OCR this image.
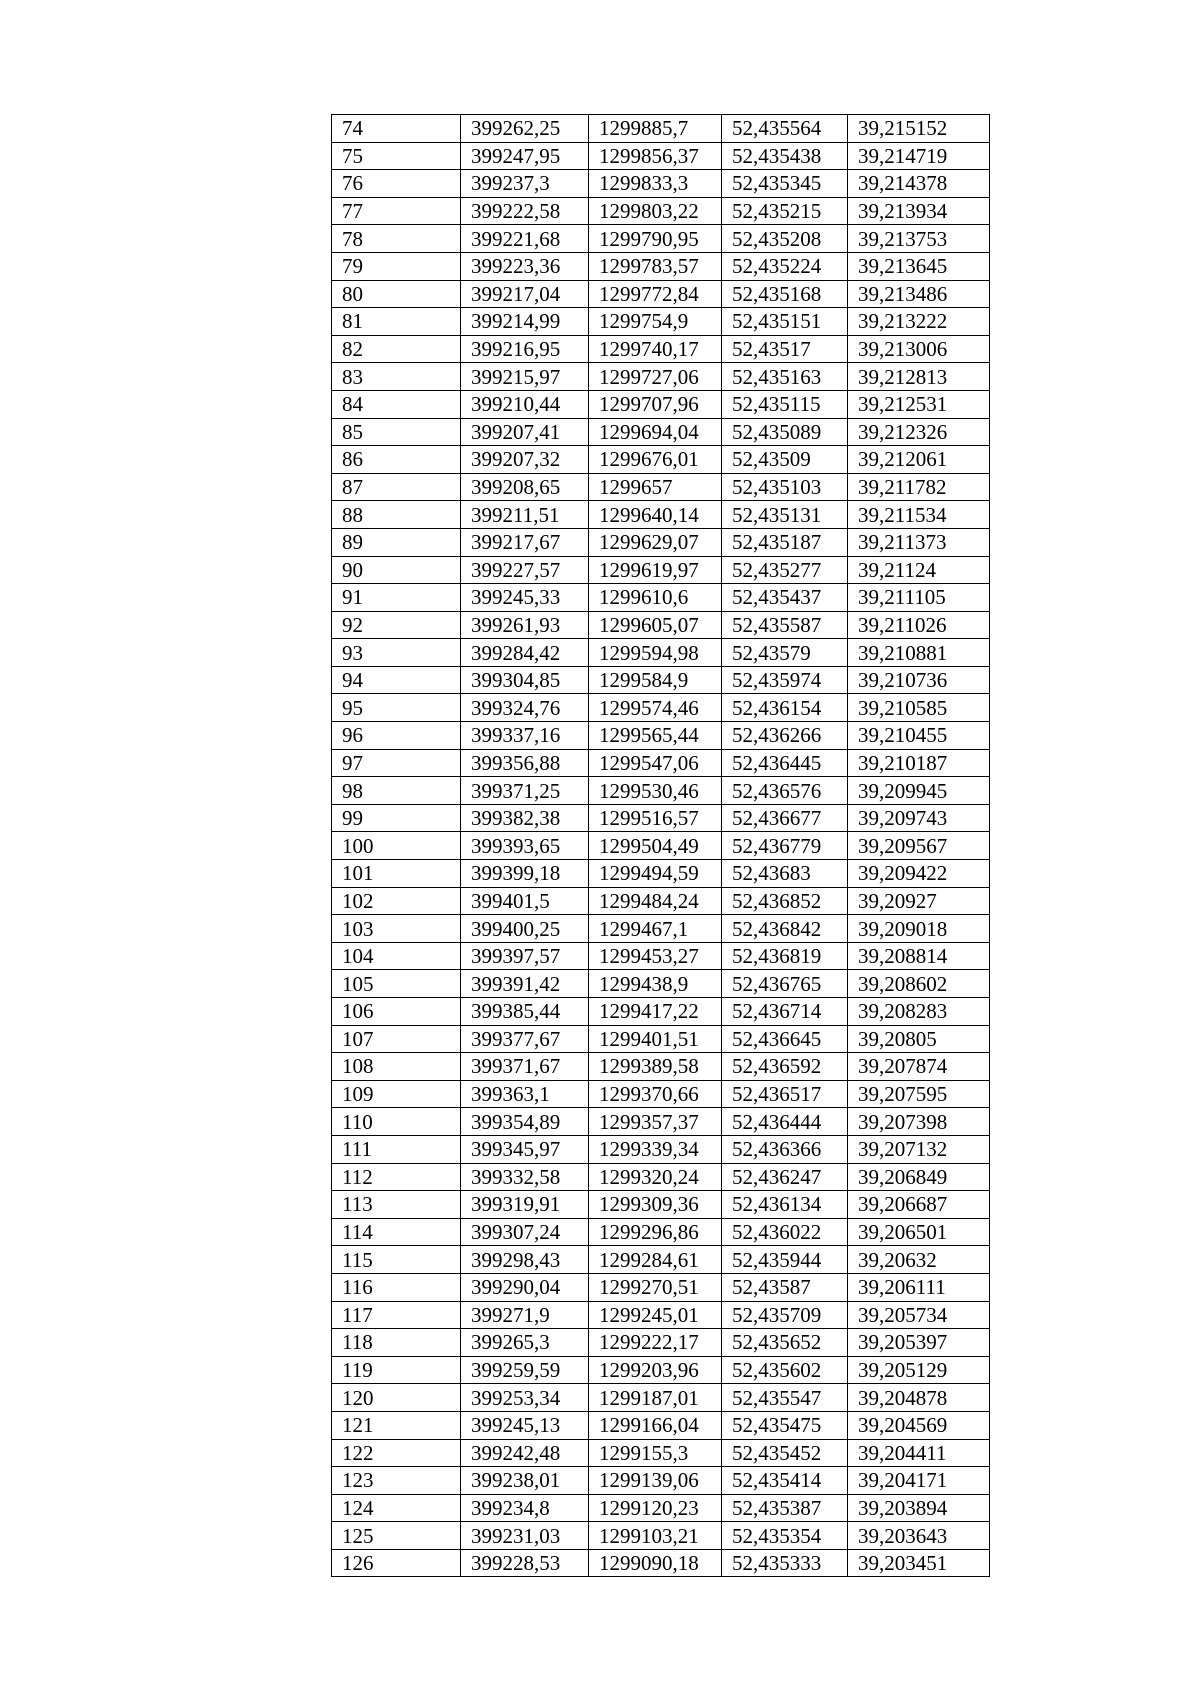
74	399262,25	1299885,7	52,435564	39,215152
75	399247,95	1299856,37	52,435438	39,214719
76	399237,3	1299833,3	52,435345	39,214378
77	399222,58	1299803,22	52,435215	39,213934
78	399221,68	1299790,95	52,435208	39,213753
79	399223,36	1299783,57	52,435224	39,213645
80	399217,04	1299772,84	52,435168	39,213486
81	399214,99	1299754,9	52,435151	39,213222
82	399216,95	1299740,17	52,43517	39,213006
83	399215,97	1299727,06	52,435163	39,212813
84	399210,44	1299707,96	52,435115	39,212531
85	399207,41	1299694,04	52,435089	39,212326
86	399207,32	1299676,01	52,43509	39,212061
87	399208,65	1299657	52,435103	39,211782
88	399211,51	1299640,14	52,435131	39,211534
89	399217,67	1299629,07	52,435187	39,211373
90	399227,57	1299619,97	52,435277	39,21124
91	399245,33	1299610,6	52,435437	39,211105
92	399261,93	1299605,07	52,435587	39,211026
93	399284,42	1299594,98	52,43579	39,210881
94	399304,85	1299584,9	52,435974	39,210736
95	399324,76	1299574,46	52,436154	39,210585
96	399337,16	1299565,44	52,436266	39,210455
97	399356,88	1299547,06	52,436445	39,210187
98	399371,25	1299530,46	52,436576	39,209945
99	399382,38	1299516,57	52,436677	39,209743
100	399393,65	1299504,49	52,436779	39,209567
101	399399,18	1299494,59	52,43683	39,209422
102	399401,5	1299484,24	52,436852	39,20927
103	399400,25	1299467,1	52,436842	39,209018
104	399397,57	1299453,27	52,436819	39,208814
105	399391,42	1299438,9	52,436765	39,208602
106	399385,44	1299417,22	52,436714	39,208283
107	399377,67	1299401,51	52,436645	39,20805
108	399371,67	1299389,58	52,436592	39,207874
109	399363,1	1299370,66	52,436517	39,207595
110	399354,89	1299357,37	52,436444	39,207398
111	399345,97	1299339,34	52,436366	39,207132
112	399332,58	1299320,24	52,436247	39,206849
113	399319,91	1299309,36	52,436134	39,206687
114	399307,24	1299296,86	52,436022	39,206501
115	399298,43	1299284,61	52,435944	39,20632
116	399290,04	1299270,51	52,43587	39,206111
117	399271,9	1299245,01	52,435709	39,205734
118	399265,3	1299222,17	52,435652	39,205397
119	399259,59	1299203,96	52,435602	39,205129
120	399253,34	1299187,01	52,435547	39,204878
121	399245,13	1299166,04	52,435475	39,204569
122	399242,48	1299155,3	52,435452	39,204411
123	399238,01	1299139,06	52,435414	39,204171
124	399234,8	1299120,23	52,435387	39,203894
125	399231,03	1299103,21	52,435354	39,203643
126	399228,53	1299090,18	52,435333	39,203451
